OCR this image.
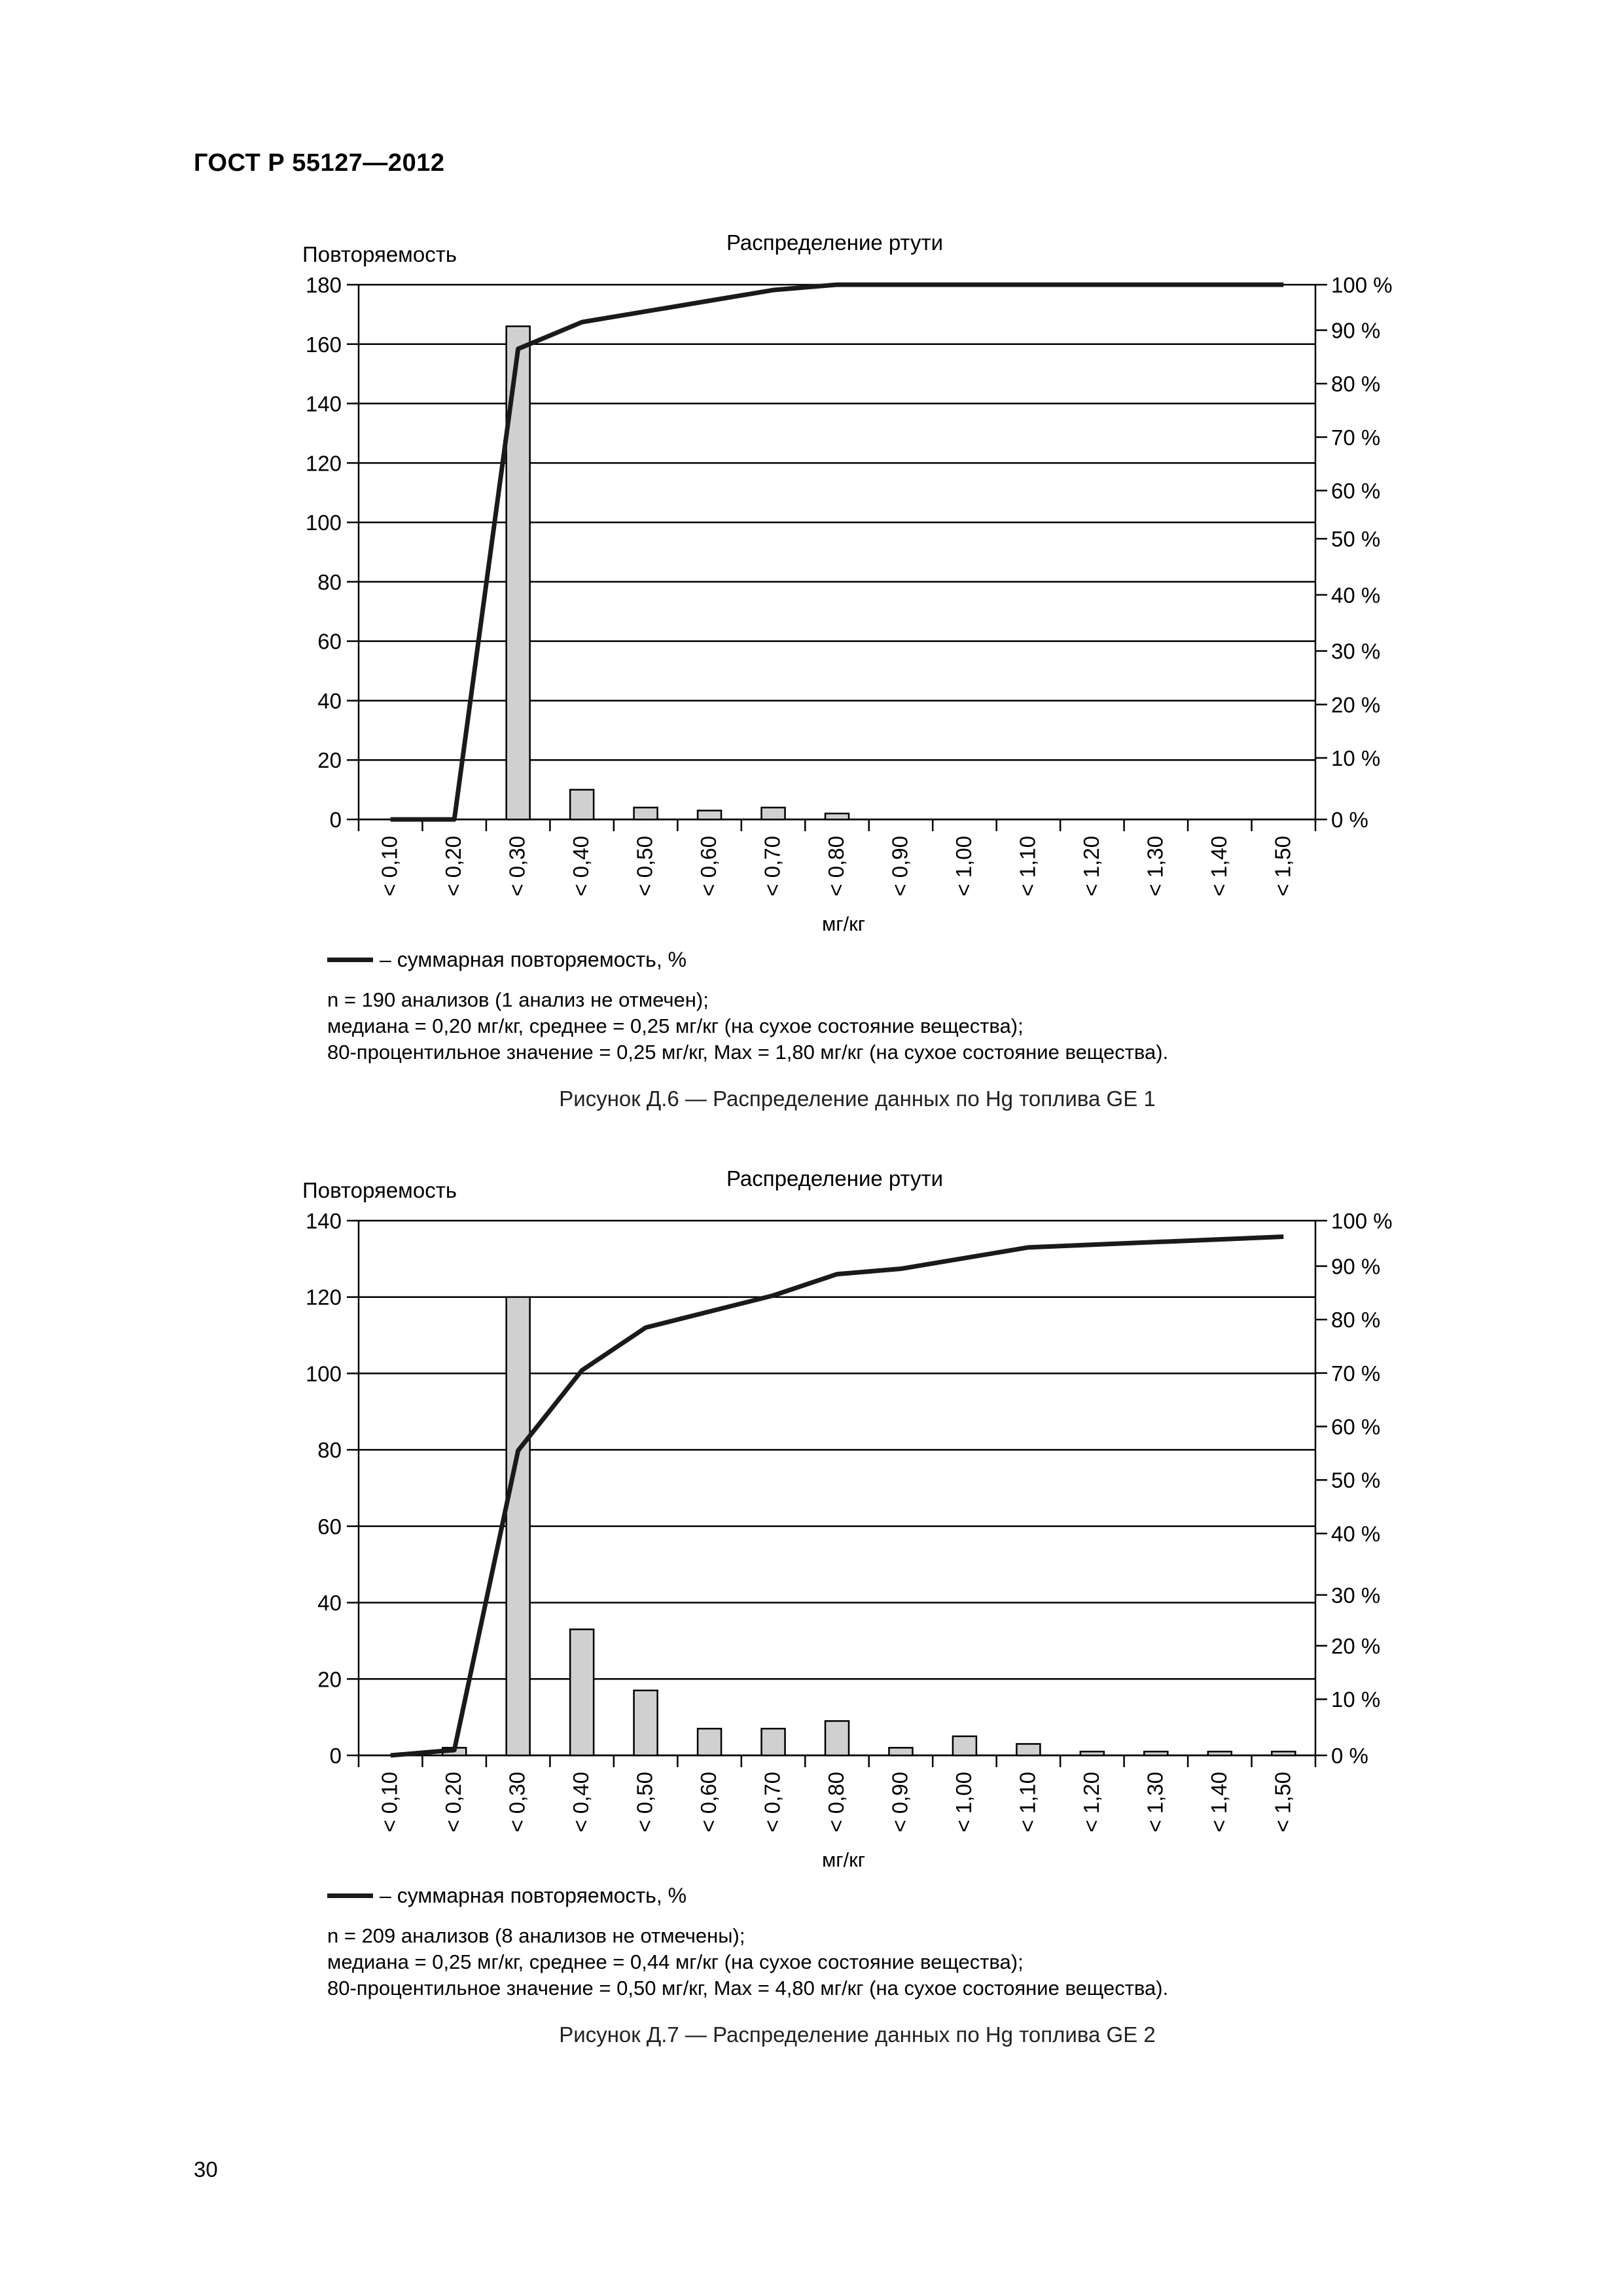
ГОСТ Р 55127—2012
0
20
40
60
80
100
120
140
160
180
0 %
10 %
20 %
30 %
40 %
50 %
60 %
70 %
80 %
90 %
100 %
< 0,10 < 0,20 < 0,30 < 0,40 < 0,50 < 0,60 < 0,70 < 0,80 < 0,90 < 1,00 < 1,10 < 1,20 < 1,30 < 1,40 < 1,50
мг/кг
Повторяемость	Распределение ртути
– суммарная повторяемость, %
n = 190 анализов (1 анализ не отмечен);
медиана = 0,20 мг/кг, среднее = 0,25 мг/кг (на сухое состояние вещества);
80-процентильное значение = 0,25 мг/кг, Max = 1,80 мг/кг (на сухое состояние вещества).
Рисунок Д.6 — Распределение данных по Hg топлива GE 1
0
20
40
60
80
100
120
140
0 %
10 %
20 %
30 %
40 %
50 %
60 %
70 %
80 %
90 %
100 %
< 0,10 < 0,20 < 0,30 < 0,40 < 0,50 < 0,60 < 0,70 < 0,80 < 0,90 < 1,00 < 1,10 < 1,20 < 1,30 < 1,40 < 1,50
мг/кг
Повторяемость	Распределение ртути
– суммарная повторяемость, %
n = 209 анализов (8 анализов не отмечены);
медиана = 0,25 мг/кг, среднее = 0,44 мг/кг (на сухое состояние вещества);
80-процентильное значение = 0,50 мг/кг, Max = 4,80 мг/кг (на сухое состояние вещества).
Рисунок Д.7 — Распределение данных по Hg топлива GE 2
30
